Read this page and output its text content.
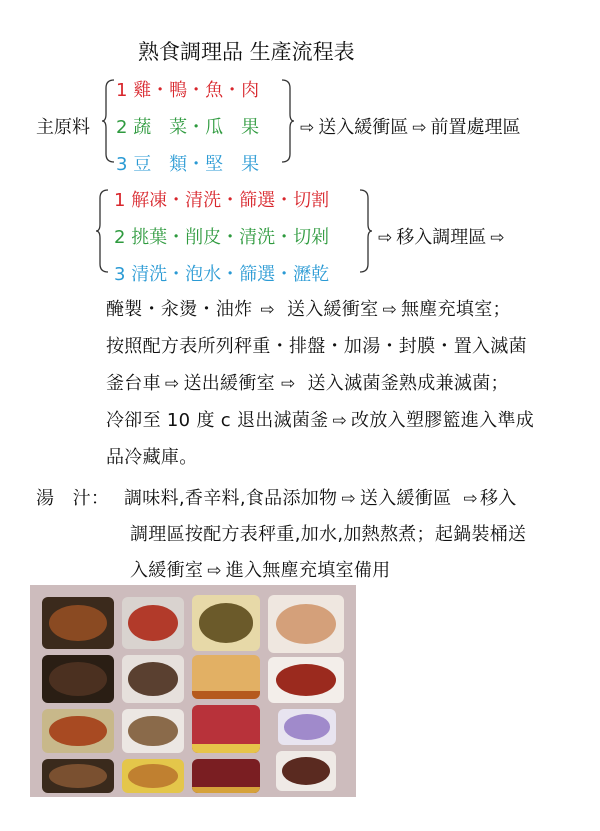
熟食調理品 生產流程表
主原料
1 雞・鴨・魚・肉
2 蔬　菜・瓜　果
3 豆　類・堅　果
⇨ 送入緩衝區 ⇨ 前置處理區
1 解凍・清洗・篩選・切割
2 挑葉・削皮・清洗・切剁
3 清洗・泡水・篩選・瀝乾
⇨ 移入調理區 ⇨
醃製・汆燙・油炸 ⇨ 送入緩衝室 ⇨ 無塵充填室；
按照配方表所列秤重・排盤・加湯・封膜・置入滅菌
釜台車 ⇨ 送出緩衝室 ⇨ 送入滅菌釜熟成兼滅菌；
冷卻至 10 度 c 退出滅菌釜 ⇨ 改放入塑膠籃進入準成
品冷藏庫。
湯　汁： 調味料,香辛料,食品添加物 ⇨ 送入緩衝區 ⇨ 移入
調理區按配方表秤重,加水,加熱熬煮；起鍋裝桶送
入緩衝室 ⇨ 進入無塵充填室備用
